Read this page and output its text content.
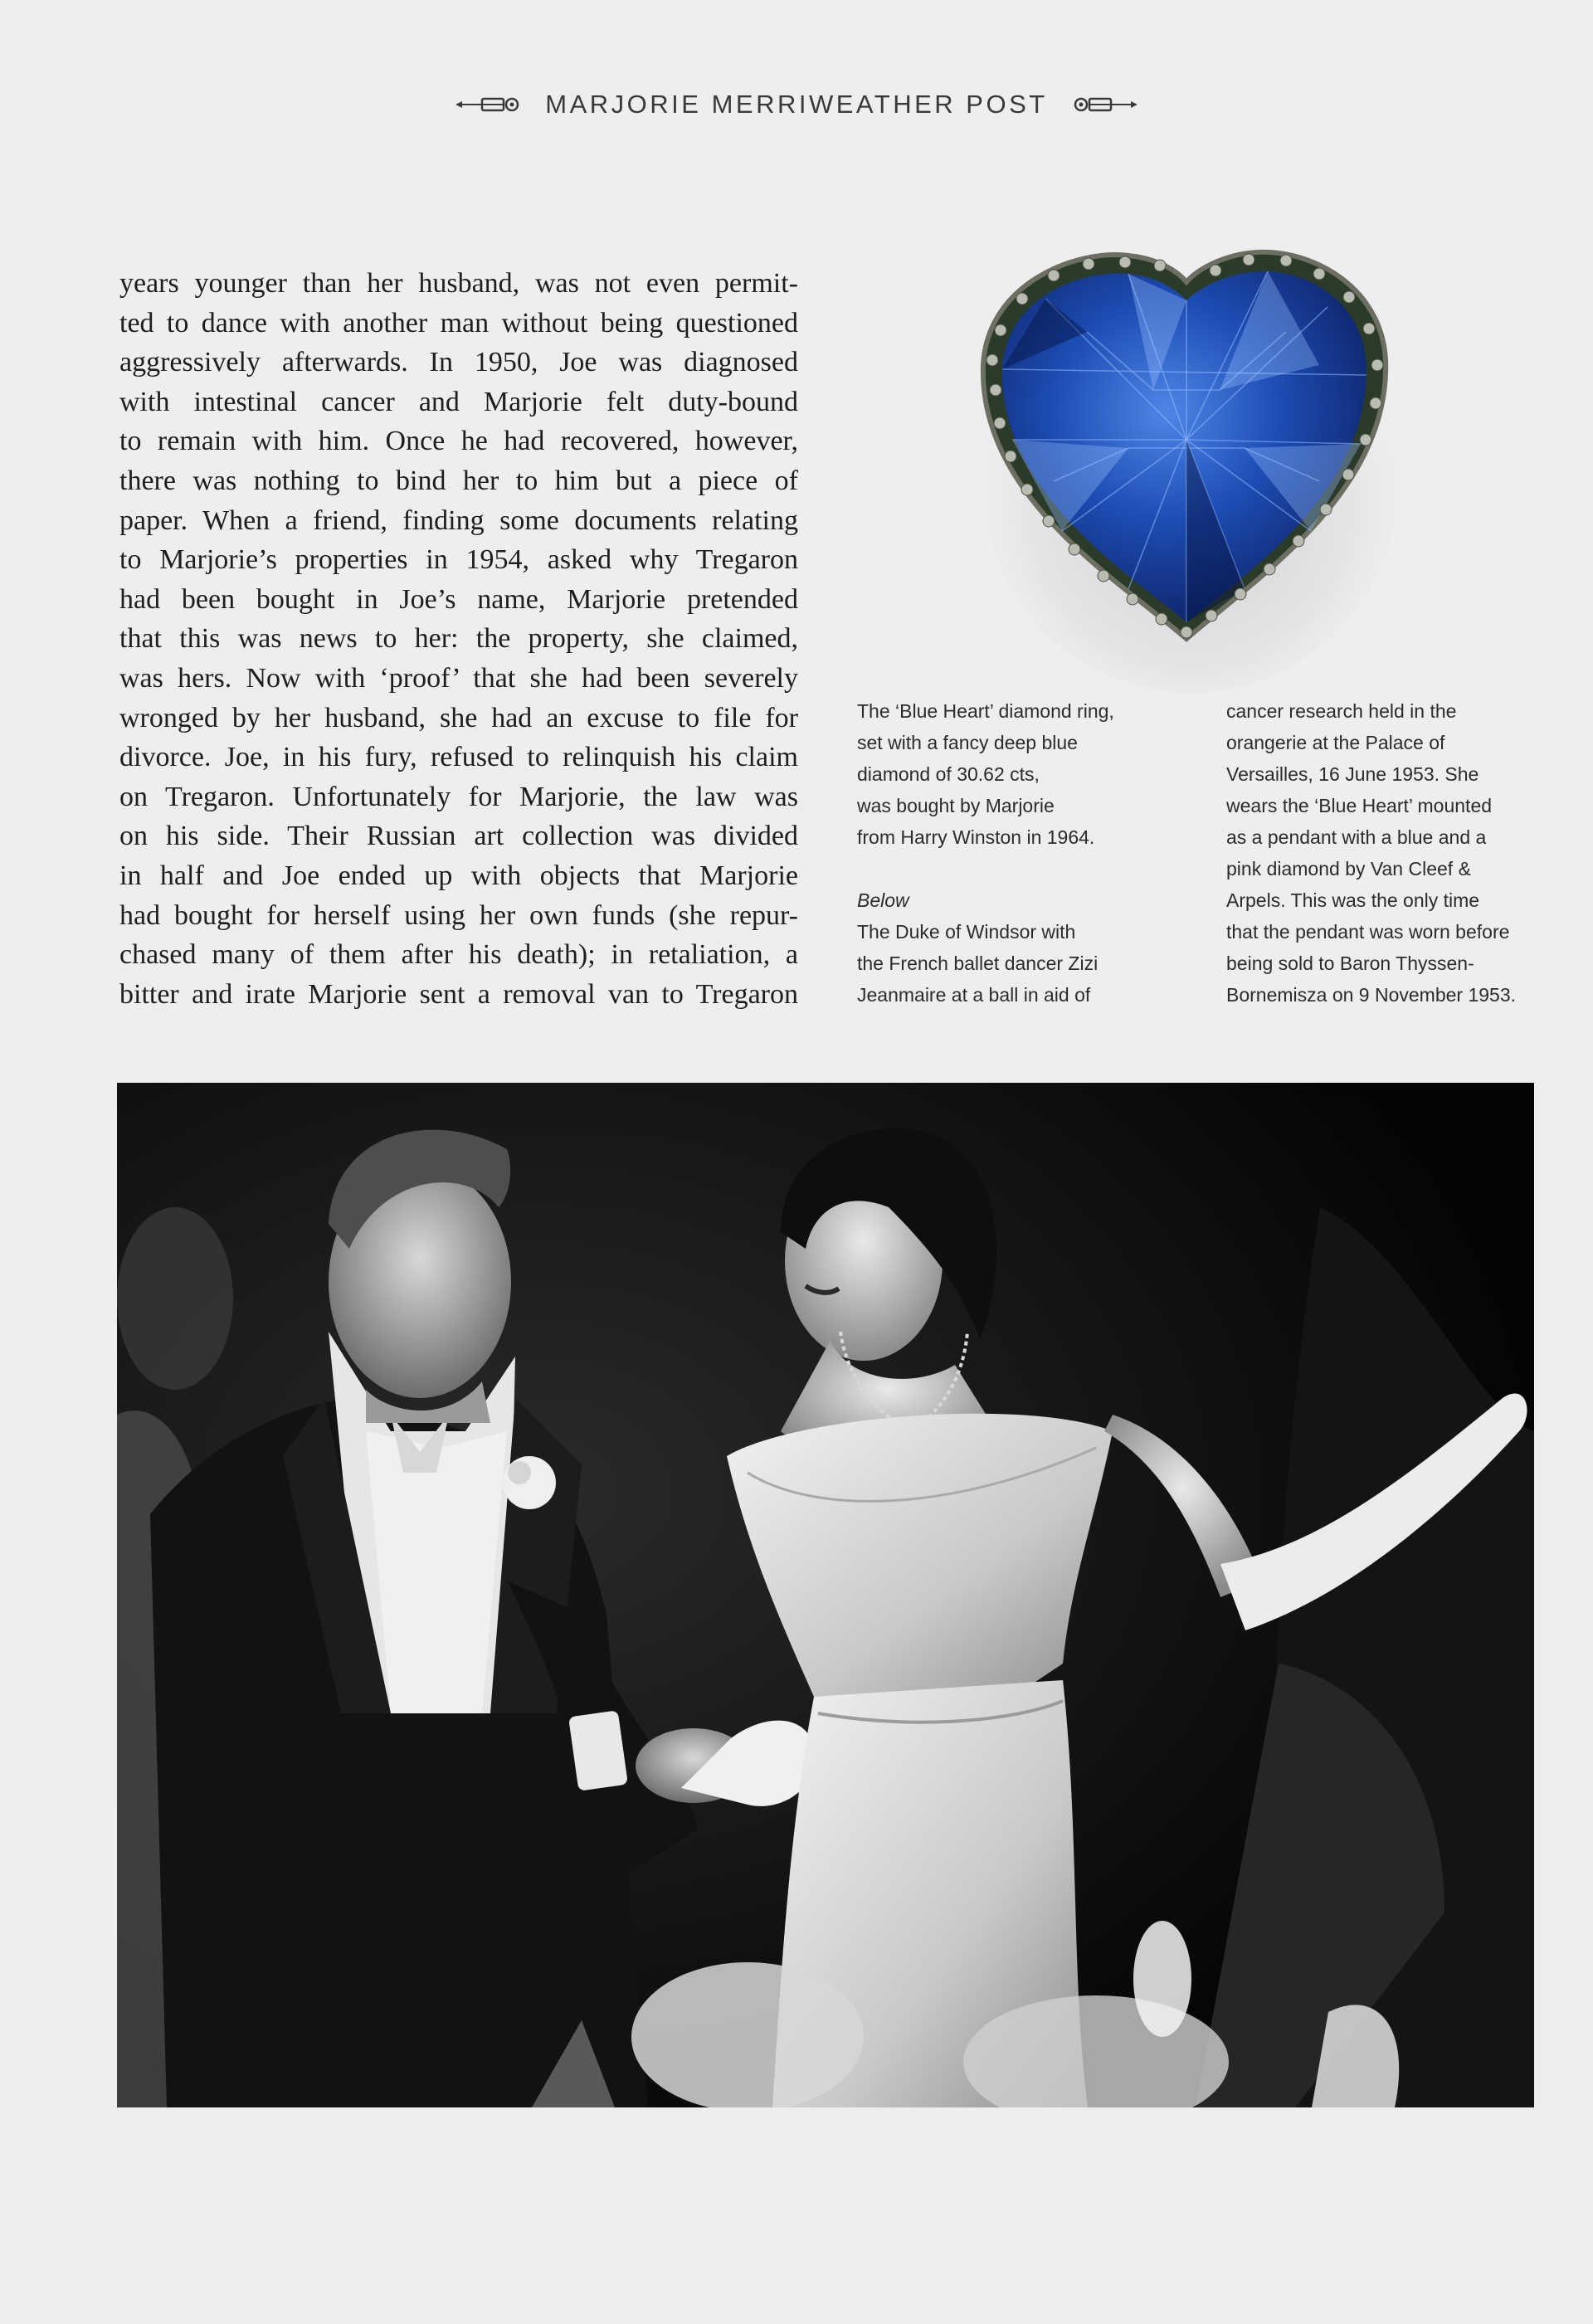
MARJORIE MERRIWEATHER POST
years younger than her husband, was not even permit-
ted to dance with another man without being questioned
aggressively afterwards. In 1950, Joe was diagnosed
with intestinal cancer and Marjorie felt duty-bound
to remain with him. Once he had recovered, however,
there was nothing to bind her to him but a piece of
paper. When a friend, finding some documents relating
to Marjorie’s properties in 1954, asked why Tregaron
had been bought in Joe’s name, Marjorie pretended
that this was news to her: the property, she claimed,
was hers. Now with ‘proof’ that she had been severely
wronged by her husband, she had an excuse to file for
divorce. Joe, in his fury, refused to relinquish his claim
on Tregaron. Unfortunately for Marjorie, the law was
on his side. Their Russian art collection was divided
in half and Joe ended up with objects that Marjorie
had bought for herself using her own funds (she repur-
chased many of them after his death); in retaliation, a
bitter and irate Marjorie sent a removal van to Tregaron

The ‘Blue Heart’ diamond ring,
set with a fancy deep blue
diamond of 30.62 cts,
was bought by Marjorie
from Harry Winston in 1964.

Below
The Duke of Windsor with
the French ballet dancer Zizi
Jeanmaire at a ball in aid of

cancer research held in the
orangerie at the Palace of
Versailles, 16 June 1953. She
wears the ‘Blue Heart’ mounted
as a pendant with a blue and a
pink diamond by Van Cleef &
Arpels. This was the only time
that the pendant was worn before
being sold to Baron Thyssen-
Bornemisza on 9 November 1953.
